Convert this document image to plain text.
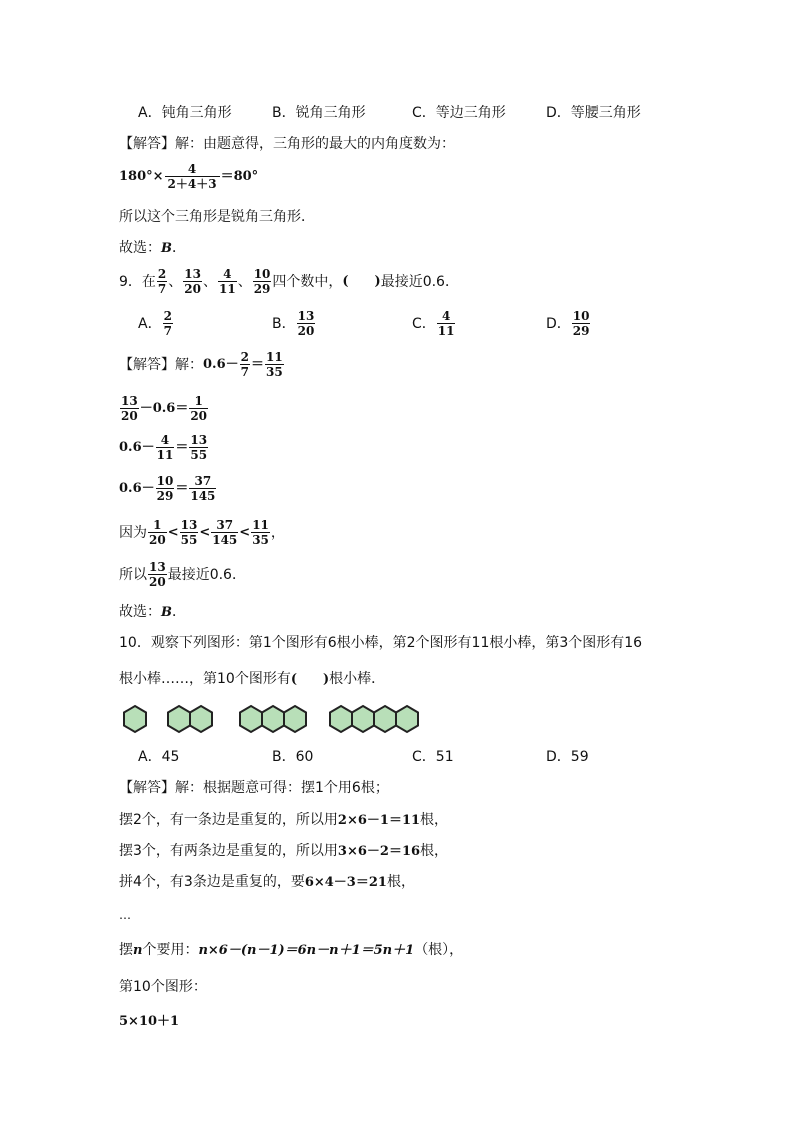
A．钝角三角形	B．锐角三角形	C．等边三角形	D．等腰三角形
【解答】解：由题意得，三角形的最大的内角度数为：
$180^\circ\times \frac{4}{2+4+3} =80^\circ$
所以这个三角形是锐角三角形．
故选：B．
9．在 $\frac{2}{7}$ 、 $\frac{13}{20}$ 、 $\frac{4}{11}$ 、 $\frac{10}{29}$ 四个数中， (　　) 最接近0.6．
A． $\frac{2}{7}$	B． $\frac{13}{20}$	C． $\frac{4}{11}$	D． $\frac{10}{29}$
【解答】解： $0.6- \frac{2}{7} = \frac{11}{35}$
$\frac{13}{20} -0.6= \frac{1}{20}$
$0.6- \frac{4}{11} = \frac{13}{55}$
$0.6- \frac{10}{29} = \frac{37}{145}$
因为 $\frac{1}{20} < \frac{13}{55} < \frac{37}{145} < \frac{11}{35}$ ，
所以 $\frac{13}{20}$ 最接近0.6．
故选：B．
10．观察下列图形：第1个图形有6根小棒，第2个图形有11根小棒，第3个图形有16
根小棒……，第10个图形有(　　)根小棒．
A．45	B．60	C．51	D．59
【解答】解：根据题意可得：摆1个用6根；
摆2个，有一条边是重复的，所以用2×6－1＝11根，
摆3个，有两条边是重复的，所以用3×6－2＝16根，
拼4个，有3条边是重复的，要6×4－3＝21根，
…
摆n个要用：n×6－(n－1)＝6n－n＋1＝5n＋1（根），
第10个图形：
5×10＋1
